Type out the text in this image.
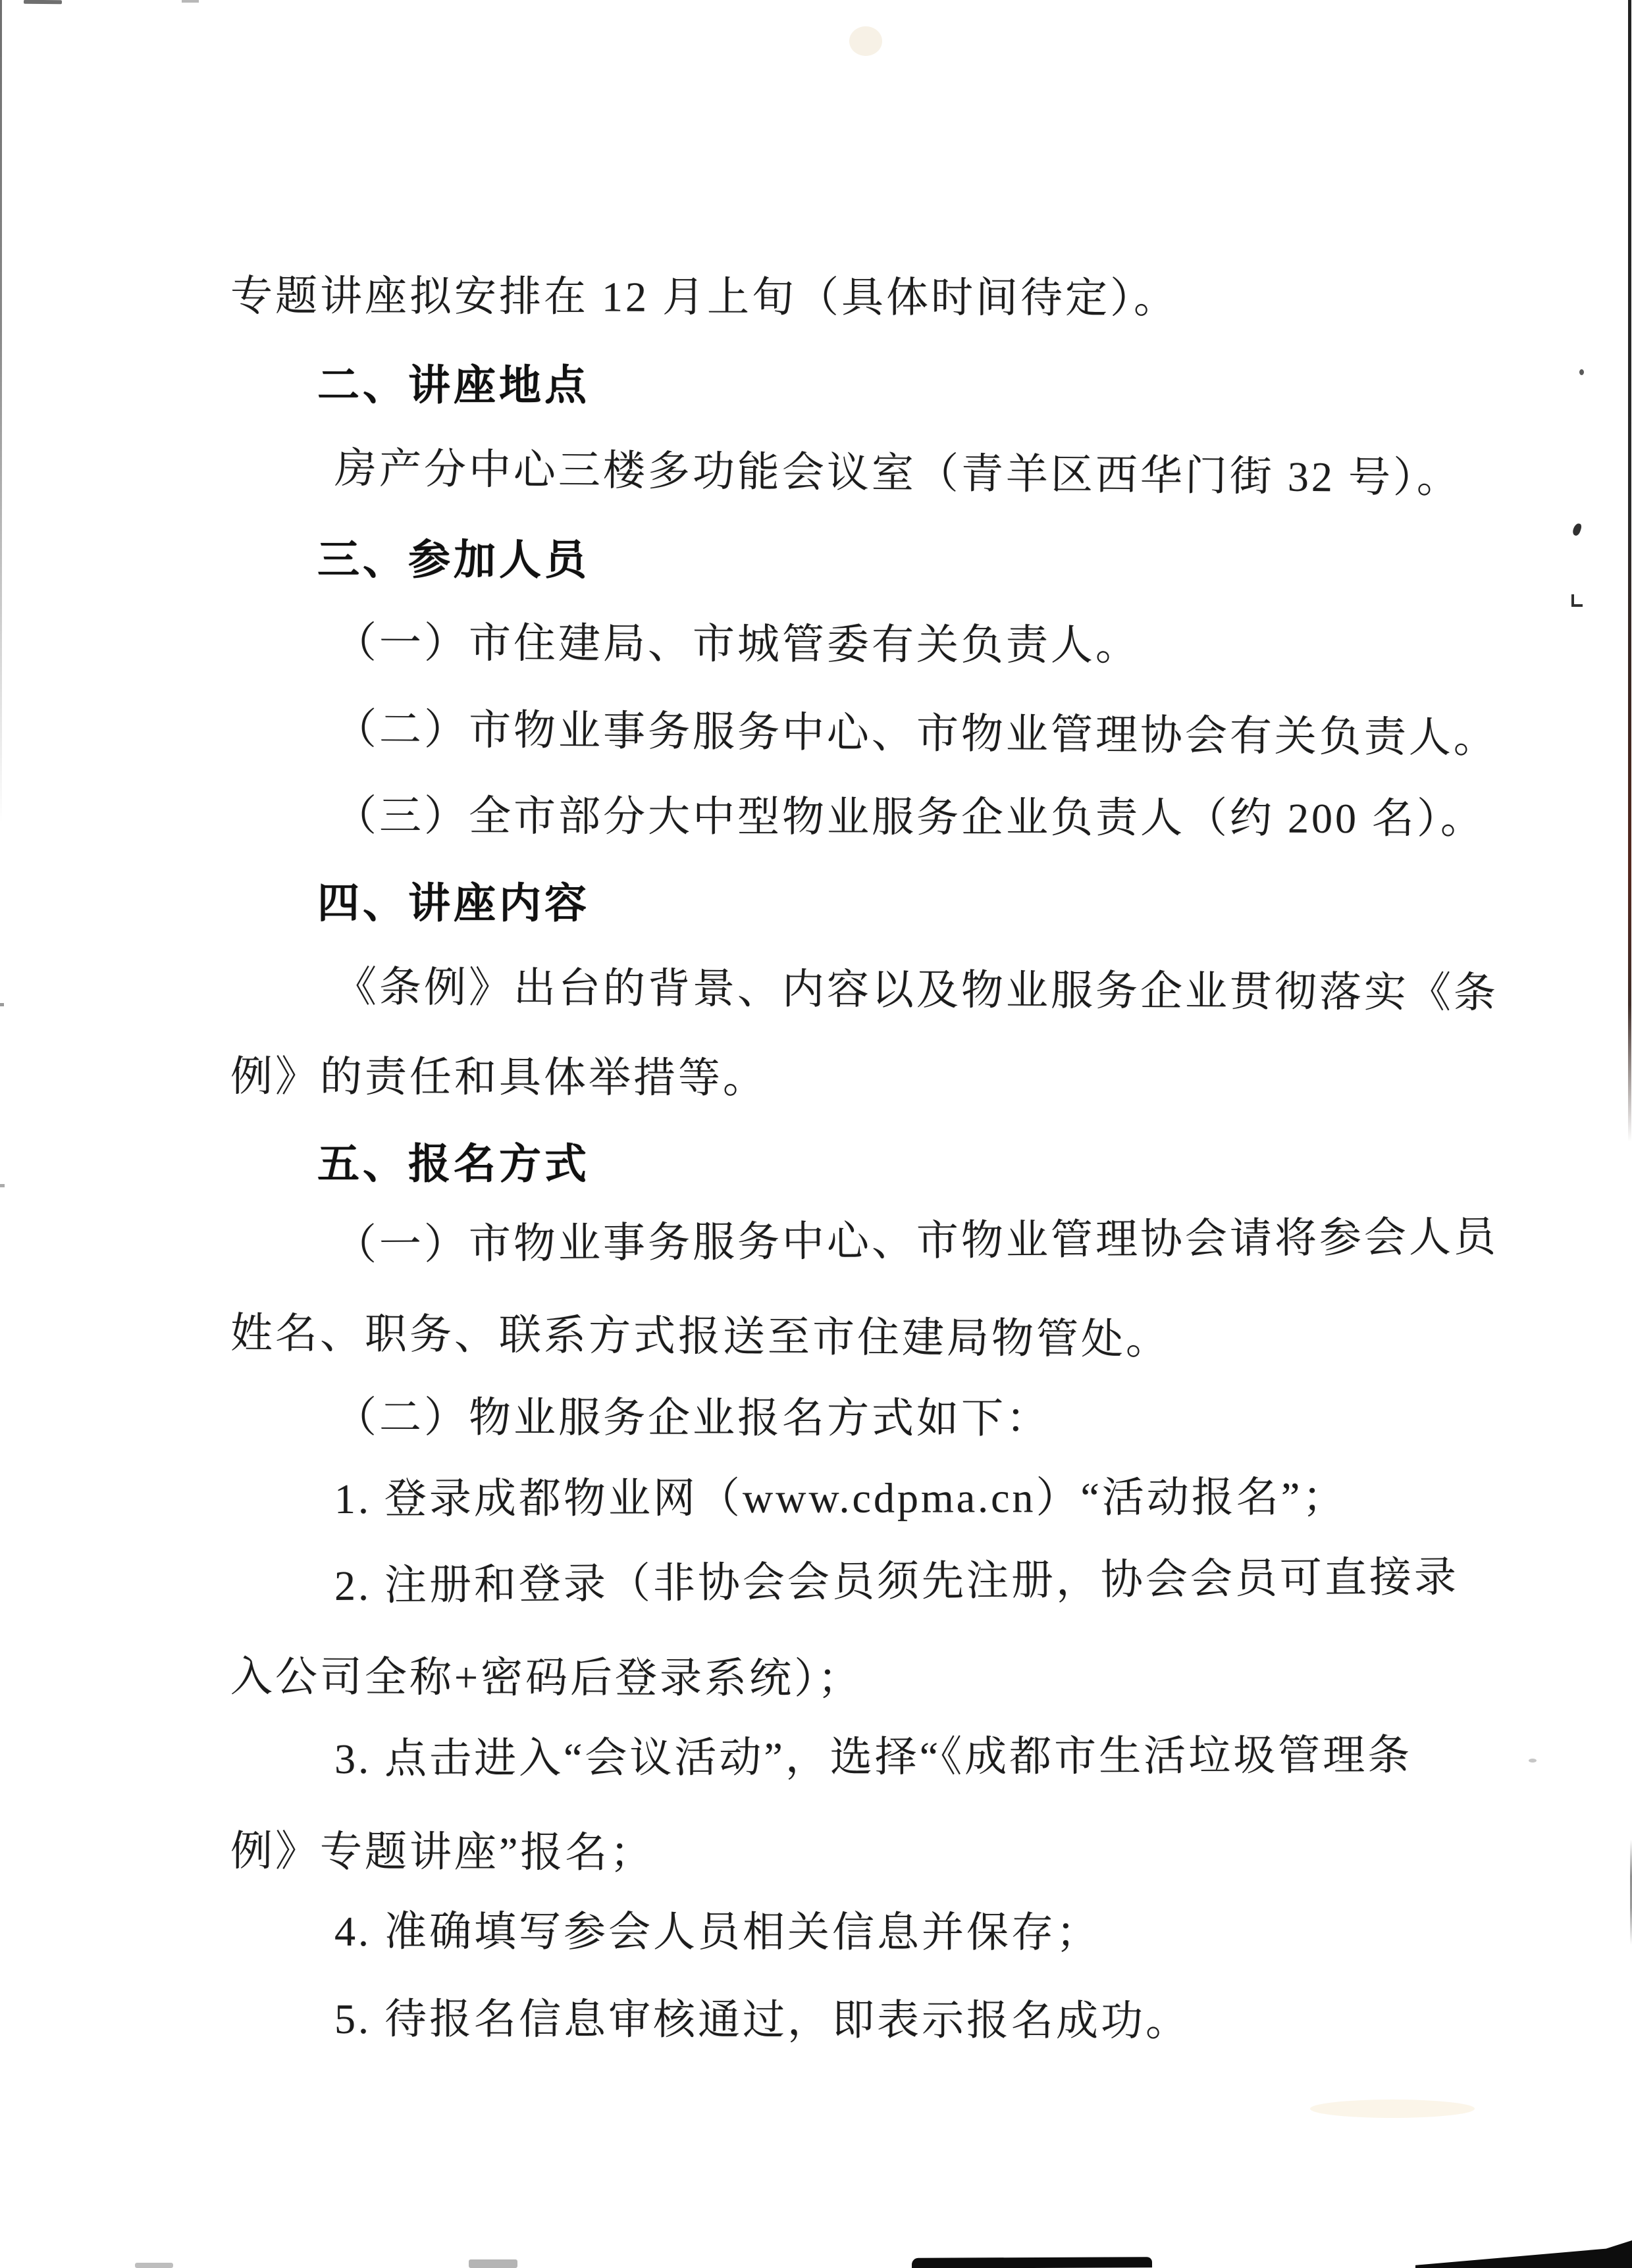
专题讲座拟安排在 12 月上旬（具体时间待定）。
二、讲座地点
房产分中心三楼多功能会议室（青羊区西华门街 32 号）。
三、参加人员
（一）市住建局、市城管委有关负责人。
（二）市物业事务服务中心、市物业管理协会有关负责人。
（三）全市部分大中型物业服务企业负责人（约 200 名）。
四、讲座内容
《条例》出台的背景、内容以及物业服务企业贯彻落实《条
例》的责任和具体举措等。
五、报名方式
（一）市物业事务服务中心、市物业管理协会请将参会人员
姓名、职务、联系方式报送至市住建局物管处。
（二）物业服务企业报名方式如下：
1. 登录成都物业网（www.cdpma.cn）“活动报名”；
2. 注册和登录（非协会会员须先注册，协会会员可直接录
入公司全称+密码后登录系统）；
3. 点击进入“会议活动”，选择“《成都市生活垃圾管理条
例》专题讲座”报名；
4. 准确填写参会人员相关信息并保存；
5. 待报名信息审核通过，即表示报名成功。
